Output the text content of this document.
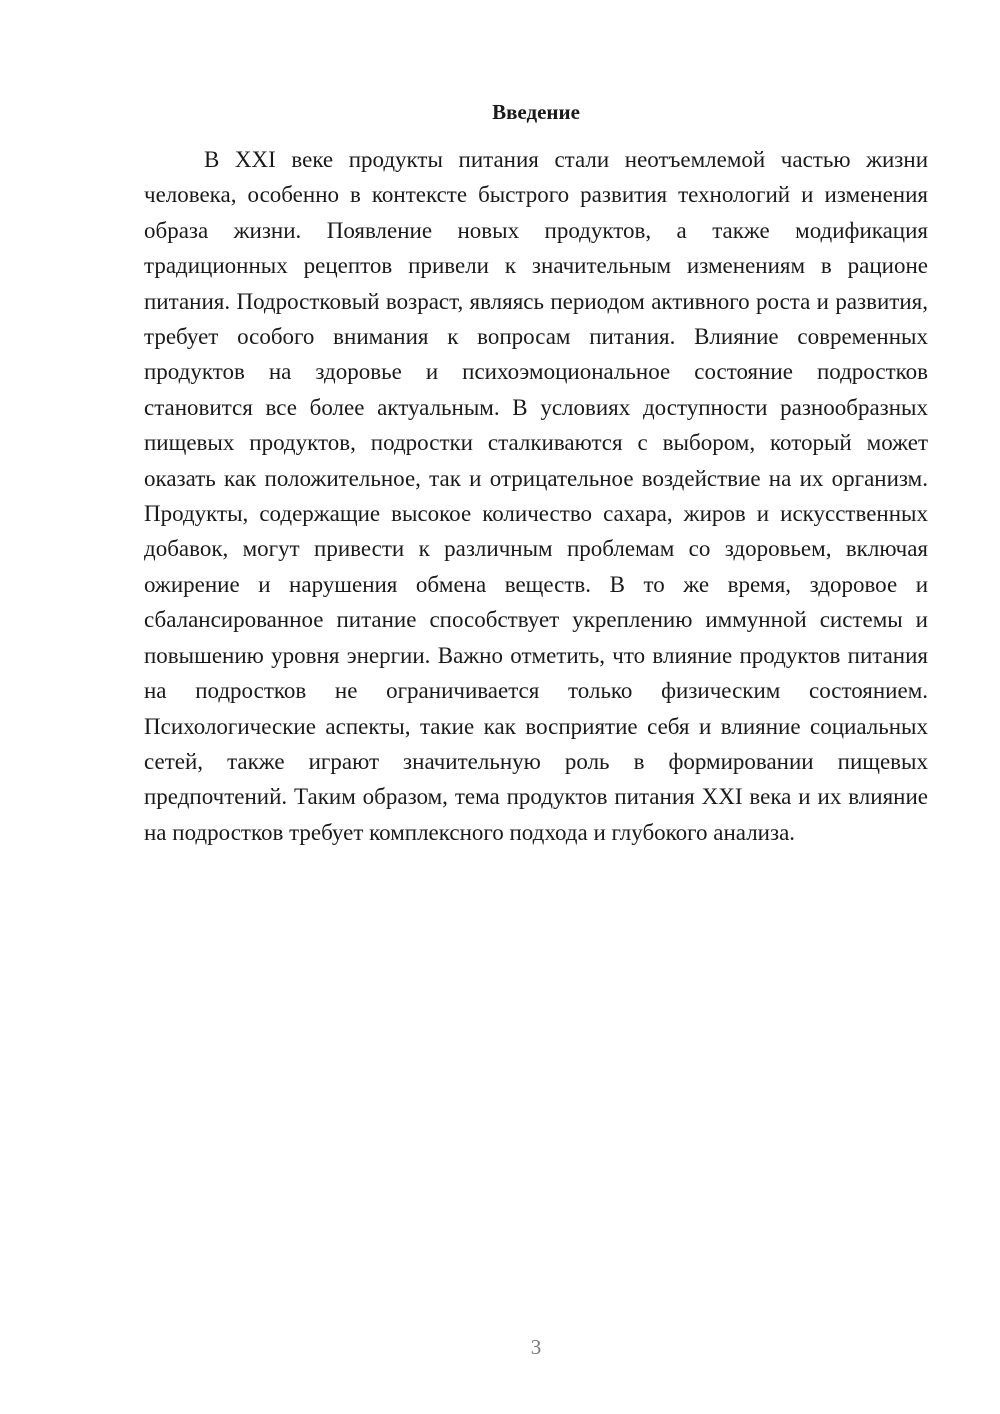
Введение

В XXI веке продукты питания стали неотъемлемой частью жизни человека, особенно в контексте быстрого развития технологий и изменения образа жизни. Появление новых продуктов, а также модификация традиционных рецептов привели к значительным изменениям в рационе питания. Подростковый возраст, являясь периодом активного роста и развития, требует особого внимания к вопросам питания. Влияние современных продуктов на здоровье и психоэмоциональное состояние подростков становится все более актуальным. В условиях доступности разнообразных пищевых продуктов, подростки сталкиваются с выбором, который может оказать как положительное, так и отрицательное воздействие на их организм. Продукты, содержащие высокое количество сахара, жиров и искусственных добавок, могут привести к различным проблемам со здоровьем, включая ожирение и нарушения обмена веществ. В то же время, здоровое и сбалансированное питание способствует укреплению иммунной системы и повышению уровня энергии. Важно отметить, что влияние продуктов питания на подростков не ограничивается только физическим состоянием. Психологические аспекты, такие как восприятие себя и влияние социальных сетей, также играют значительную роль в формировании пищевых предпочтений. Таким образом, тема продуктов питания XXI века и их влияние на подростков требует комплексного подхода и глубокого анализа.

3
